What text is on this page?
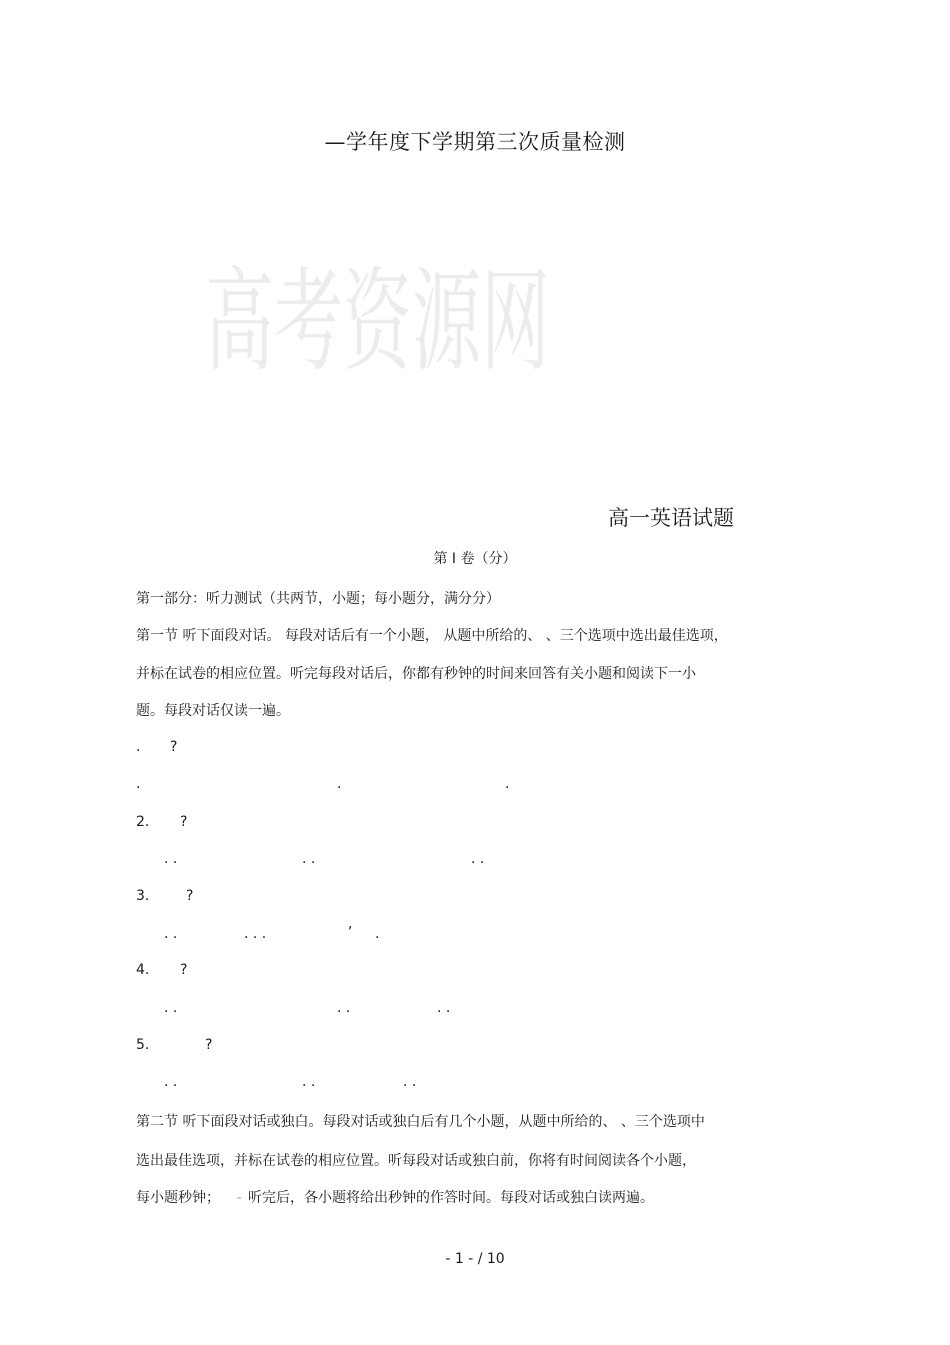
—学年度下学期第三次质量检测
高考资源网
高一英语试题
第 I 卷（分）
第一部分：听力测试（共两节，小题；每小题分，满分分）
第一节 听下面段对话。 每段对话后有一个小题， 从题中所给的、 、三个选项中选出最佳选项，
并标在试卷的相应位置。听完每段对话后，你都有秒钟的时间来回答有关小题和阅读下一小
题。每段对话仅读一遍。
. ?
.	.	.
2. ?
. .	. .	. .
3.	?
. .	. . .
,
.
4. ?
. .	. .	. .
5.	?
. .	. .	. .
第二节 听下面段对话或独白。每段对话或独白后有几个小题，从题中所给的、 、三个选项中
选出最佳选项，并标在试卷的相应位置。听每段对话或独白前，你将有时间阅读各个小题，
每小题秒钟； - 听完后，各小题将给出秒钟的作答时间。每段对话或独白读两遍。
- 1 - / 10
